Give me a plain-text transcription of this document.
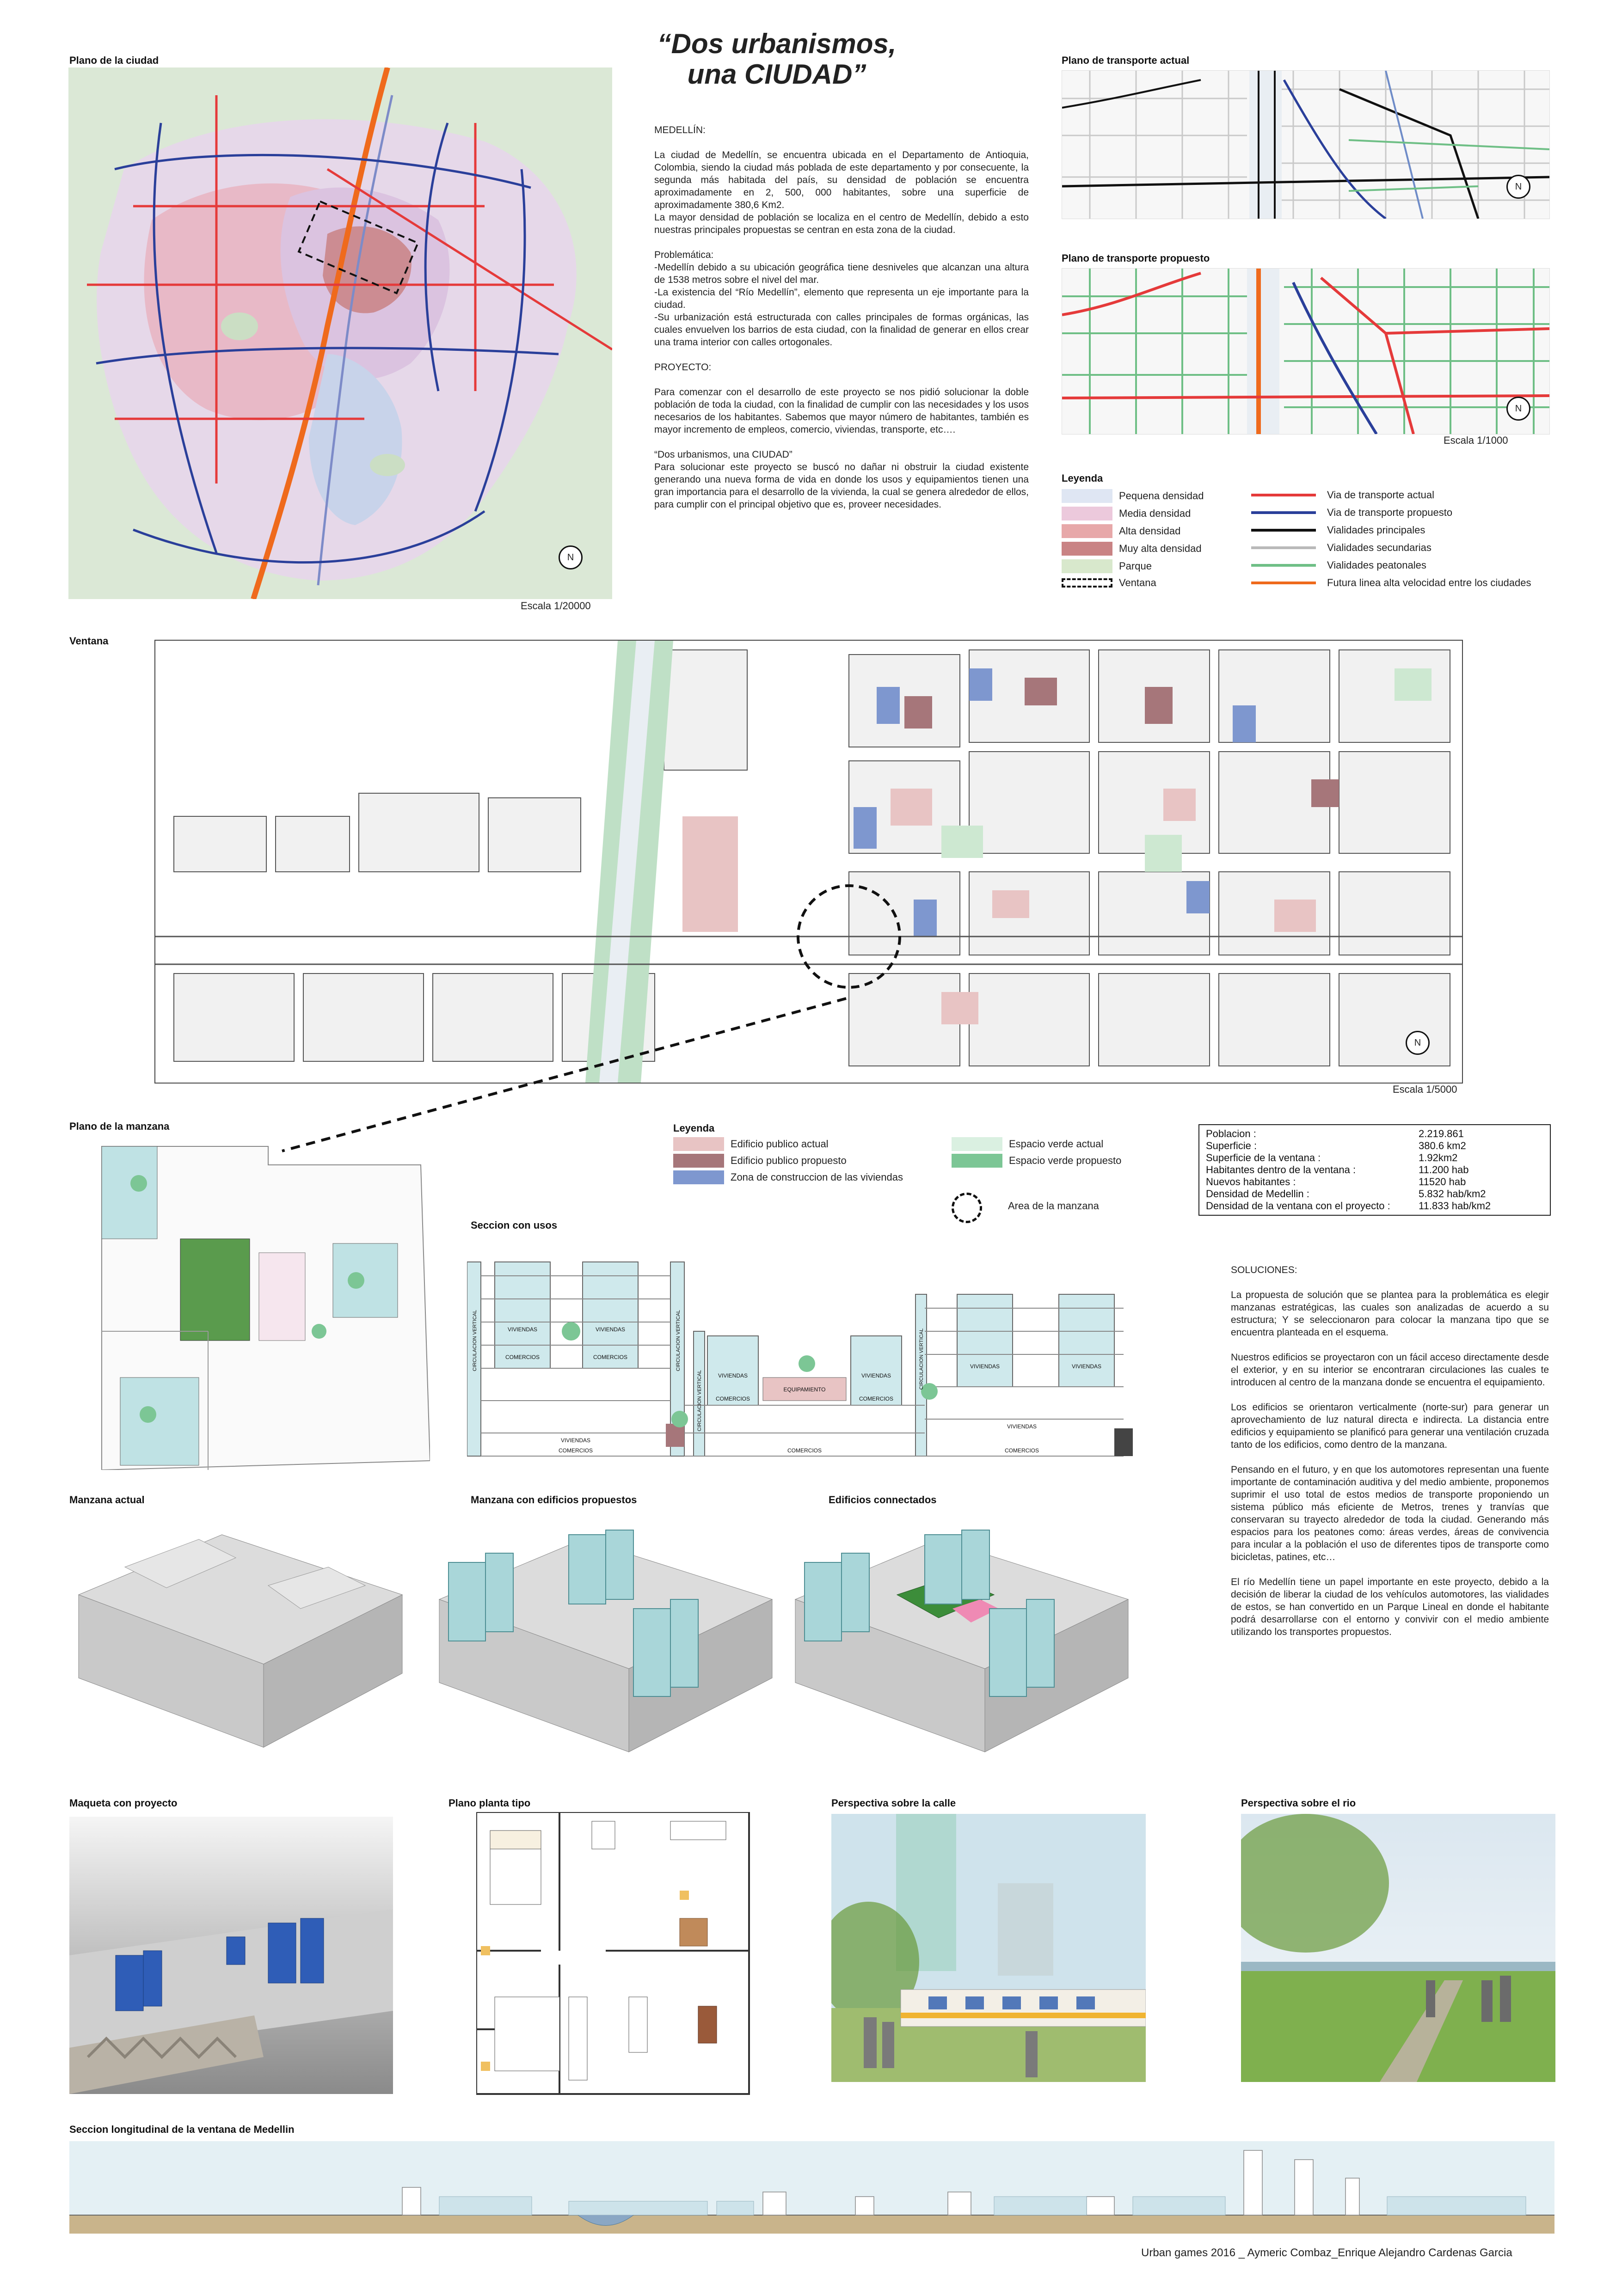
“Dos urbanismos,
una CIUDAD”
Plano de la ciudad
N
Escala 1/20000
MEDELLÍN:

La ciudad de Medellín, se encuentra ubicada en el Departamento de Antioquia, Colombia, siendo la ciudad más poblada de este departamento y por consecuente, la segunda más habitada del país, su densidad de población se encuentra aproximadamente en 2, 500, 000 habitantes, sobre una superficie de aproximadamente 380,6 Km2.
La mayor densidad de población se localiza en el centro de Medellín, debido a esto nuestras principales propuestas se centran en esta zona de la ciudad.

Problemática:
-Medellín debido a su ubicación geográfica tiene desniveles que alcanzan una altura de 1538 metros sobre el nivel del mar.
-La existencia del “Río Medellín”, elemento que representa un eje importante para la ciudad.
-Su urbanización está estructurada con calles principales de formas orgánicas, las cuales envuelven los barrios de esta ciudad, con la finalidad de generar en ellos crear una trama interior con calles ortogonales.

PROYECTO:

Para comenzar con el desarrollo de este proyecto se nos pidió solucionar la doble población de toda la ciudad, con la finalidad de cumplir con las necesidades y los usos necesarios de los habitantes. Sabemos que mayor número de habitantes, también es mayor incremento de empleos, comercio, viviendas, transporte, etc….

“Dos urbanismos, una CIUDAD”
Para solucionar este proyecto se buscó no dañar ni obstruir la ciudad existente generando una nueva forma de vida en donde los usos y equipamientos tienen una gran importancia para el desarrollo de la vivienda, la cual se genera alrededor de ellos, para cumplir con el principal objetivo que es, proveer necesidades.
Plano de transporte actual
N
Plano de transporte propuesto
N
Escala 1/1000
Leyenda
Pequena densidad
Media densidad
Alta densidad
Muy alta densidad
Parque
Ventana
Via de transporte actual
Via de transporte propuesto
Vialidades principales
Vialidades secundarias
Vialidades peatonales
Futura linea alta velocidad entre los ciudades
Ventana
N
Escala 1/5000
Plano de la manzana	Leyenda
Edificio publico actual
Edificio publico propuesto
Zona de construccion de las viviendas
Espacio verde actual
Espacio verde propuesto
Area de la manzana
Poblacion :	2.219.861
Superficie :	380.6 km2
Superficie de la ventana :	1.92km2
Habitantes dentro de la ventana :	11.200 hab
Nuevos habitantes :	11520 hab
Densidad de Medellin :	5.832 hab/km2
Densidad de la ventana con el proyecto :	11.833 hab/km2
Seccion con usos
VIVIENDAS	VIVIENDAS
COMERCIOS	COMERCIOS
EQUIPAMIENTO
VIVIENDAS
COMERCIOS
VIVIENDAS
COMERCIOS
VIVIENDAS	VIVIENDAS
VIVIENDAS
COMERCIOS	COMERCIOS	COMERCIOS
VIVIENDAS
CIRCULACION VERTICAL	CIRCULACION VERTICAL
CIRCULACION VERTICAL
CIRCULACION VERTICAL
SOLUCIONES:

La propuesta de solución que se plantea para la problemática es elegir manzanas estratégicas, las cuales son analizadas de acuerdo a su estructura; Y se seleccionaron para colocar la manzana tipo que se encuentra planteada en el esquema.

Nuestros edificios se proyectaron con un fácil acceso directamente desde el exterior, y en su interior se encontraran circulaciones las cuales te introducen al centro de la manzana donde se encuentra el equipamiento.

Los edificios se orientaron verticalmente (norte-sur) para generar un aprovechamiento de luz natural directa e indirecta. La distancia entre edificios y equipamiento se planificó para generar una ventilación cruzada tanto de los edificios, como dentro de la manzana.

Pensando en el futuro, y en que los automotores representan una fuente importante de contaminación auditiva y del medio ambiente, proponemos suprimir el uso total de estos medios de transporte proponiendo un sistema público más eficiente de Metros, trenes y tranvías que conservaran su trayecto alrededor de toda la ciudad. Generando más espacios para los peatones como: áreas verdes, áreas de convivencia para incular a la población el uso de diferentes tipos de transporte como bicicletas, patines, etc…

El río Medellín tiene un papel importante en este proyecto, debido a la decisión de liberar la ciudad de los vehículos automotores, las vialidades de estos, se han convertido en un Parque Lineal en donde el habitante podrá desarrollarse con el entorno y convivir con el medio ambiente utilizando los transportes propuestos.
Manzana actual	Manzana con edificios propuestos	Edificios connectados
Maqueta con proyecto	Plano planta tipo	Perspectiva sobre la calle	Perspectiva sobre el rio
Seccion longitudinal de la ventana de Medellin
Urban games 2016 _ Aymeric Combaz_Enrique Alejandro Cardenas Garcia
